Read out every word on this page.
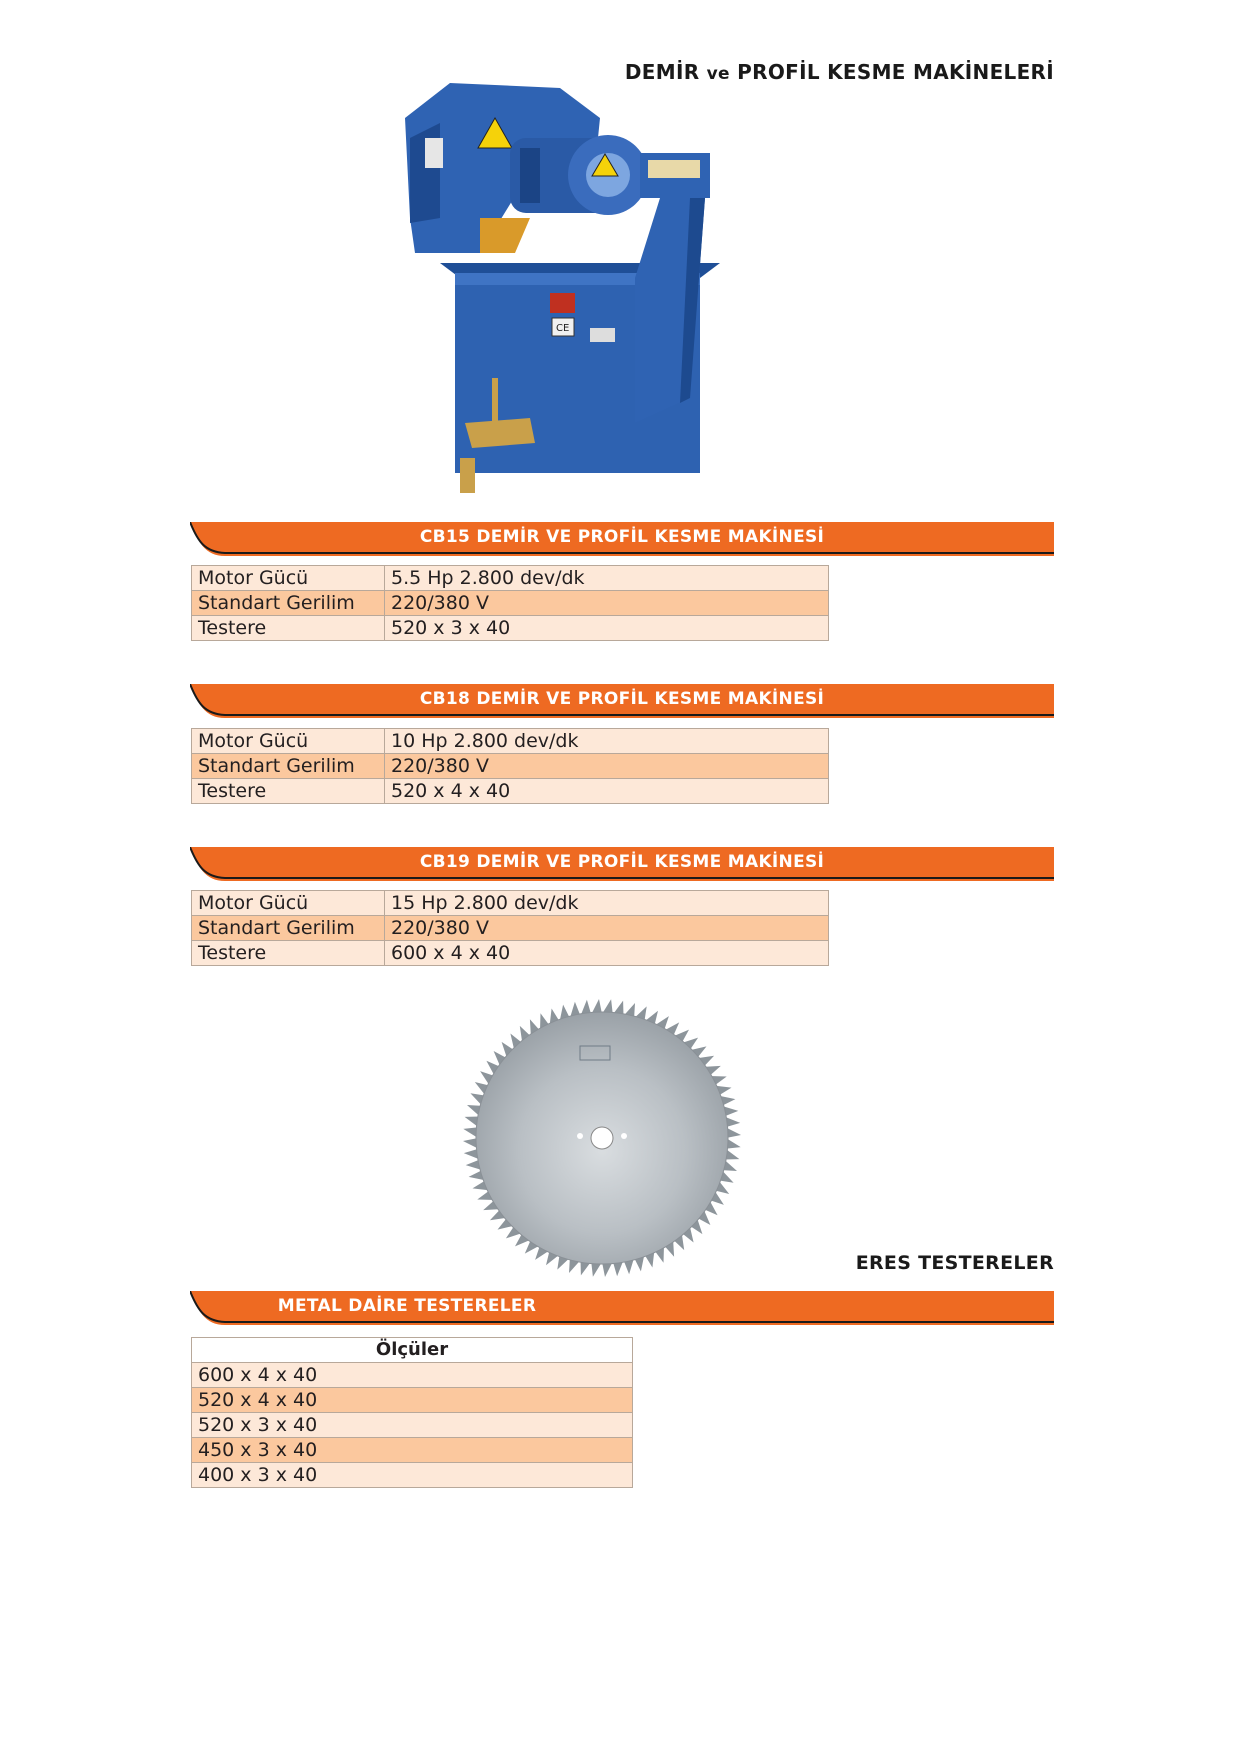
DEMİR ve PROFİL KESME MAKİNELERİ
CE
CB15 DEMİR VE PROFİL KESME MAKİNESİ
Motor Gücü	5.5 Hp 2.800 dev/dk
Standart Gerilim	220/380 V
Testere	520 x 3 x 40
CB18 DEMİR VE PROFİL KESME MAKİNESİ
Motor Gücü	10 Hp 2.800 dev/dk
Standart Gerilim	220/380 V
Testere	520 x 4 x 40
CB19 DEMİR VE PROFİL KESME MAKİNESİ
Motor Gücü	15 Hp 2.800 dev/dk
Standart Gerilim	220/380 V
Testere	600 x 4 x 40
ERES TESTERELER
METAL DAİRE TESTERELER
Ölçüler
600 x 4 x 40
520 x 4 x 40
520 x 3 x 40
450 x 3 x 40
400 x 3 x 40
